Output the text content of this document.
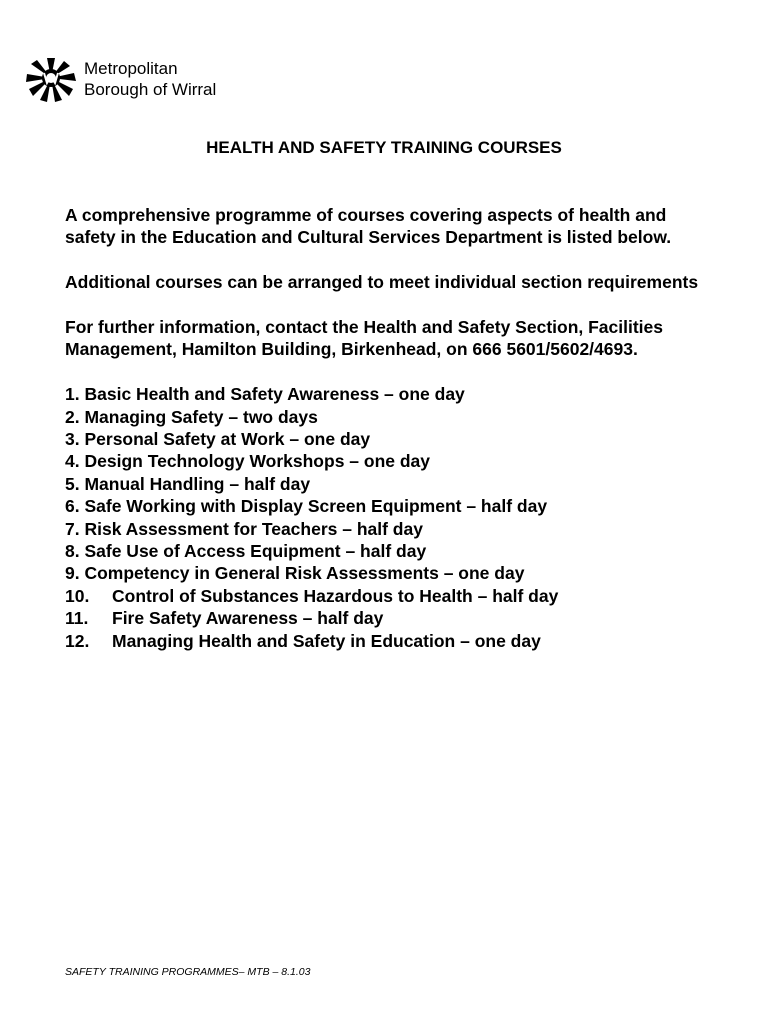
Metropolitan
Borough of Wirral
HEALTH AND SAFETY TRAINING COURSES

A comprehensive programme of courses covering aspects of health and safety in the Education and Cultural Services Department is listed below.

Additional courses can be arranged to meet individual section requirements

For further information, contact the Health and Safety Section, Facilities Management, Hamilton Building, Birkenhead, on 666 5601/5602/4693.

1. Basic Health and Safety Awareness – one day
2. Managing Safety – two days
3. Personal Safety at Work – one day
4. Design Technology Workshops – one day
5. Manual Handling – half day
6. Safe Working with Display Screen Equipment – half day
7. Risk Assessment for Teachers – half day
8. Safe Use of Access Equipment – half day
9. Competency in General Risk Assessments – one day
10. Control of Substances Hazardous to Health – half day
11. Fire Safety Awareness – half day
12. Managing Health and Safety in Education – one day
SAFETY TRAINING PROGRAMMES– MTB – 8.1.03
